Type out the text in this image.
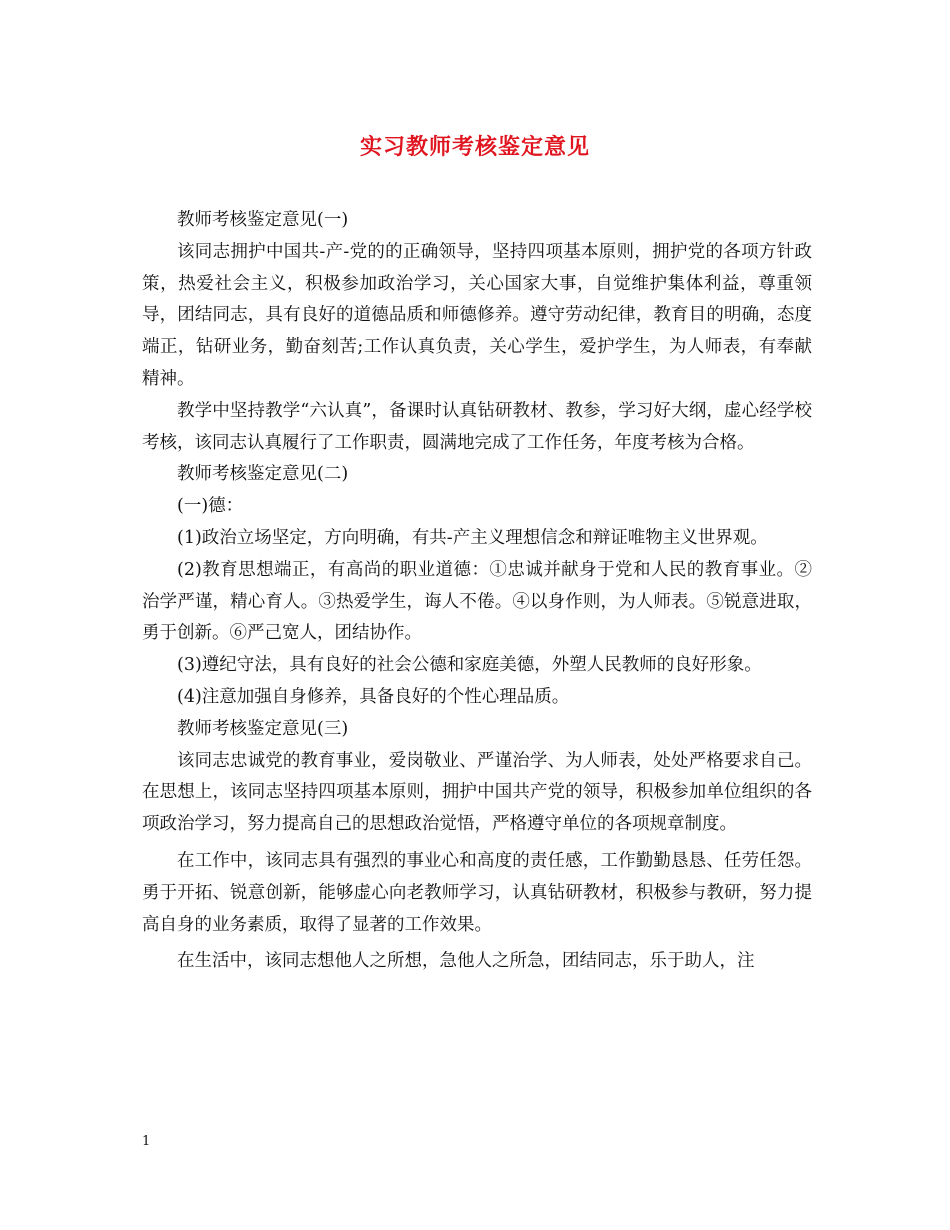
实习教师考核鉴定意见

教师考核鉴定意见(一)

该同志拥护中国共-产-党的的正确领导，坚持四项基本原则，拥护党的各项方针政策，热爱社会主义，积极参加政治学习，关心国家大事，自觉维护集体利益，尊重领导，团结同志，具有良好的道德品质和师德修养。遵守劳动纪律，教育目的明确，态度端正，钻研业务，勤奋刻苦;工作认真负责，关心学生，爱护学生，为人师表，有奉献精神。

教学中坚持教学“六认真”，备课时认真钻研教材、教参，学习好大纲，虚心经学校考核，该同志认真履行了工作职责，圆满地完成了工作任务，年度考核为合格。

教师考核鉴定意见(二)

(一)德：

(1)政治立场坚定，方向明确，有共-产主义理想信念和辩证唯物主义世界观。

(2)教育思想端正，有高尚的职业道德：①忠诚并献身于党和人民的教育事业。②治学严谨，精心育人。③热爱学生，诲人不倦。④以身作则，为人师表。⑤锐意进取，勇于创新。⑥严己宽人，团结协作。

(3)遵纪守法，具有良好的社会公德和家庭美德，外塑人民教师的良好形象。

(4)注意加强自身修养，具备良好的个性心理品质。

教师考核鉴定意见(三)

该同志忠诚党的教育事业，爱岗敬业、严谨治学、为人师表，处处严格要求自己。在思想上，该同志坚持四项基本原则，拥护中国共产党的领导，积极参加单位组织的各项政治学习，努力提高自己的思想政治觉悟，严格遵守单位的各项规章制度。

在工作中，该同志具有强烈的事业心和高度的责任感，工作勤勤恳恳、任劳任怨。勇于开拓、锐意创新，能够虚心向老教师学习，认真钻研教材，积极参与教研，努力提高自身的业务素质，取得了显著的工作效果。

在生活中，该同志想他人之所想，急他人之所急，团结同志，乐于助人，注

1
